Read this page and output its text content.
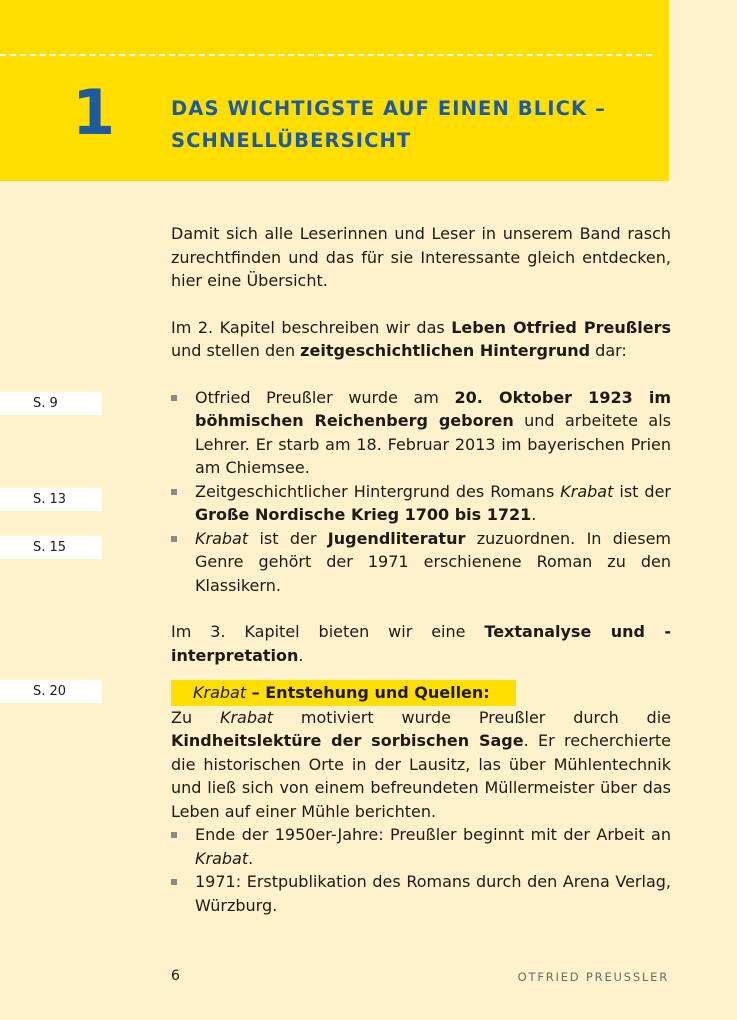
1	DAS WICHTIGSTE AUF EINEN BLICK –
SCHNELLÜBERSICHT
S. 9
S. 13
S. 15
S. 20

Damit sich alle Leserinnen und Leser in unserem Band rasch zurechtfinden und das für sie Interessante gleich entdecken, hier eine Übersicht.

Im 2. Kapitel beschreiben wir das Leben Otfried Preußlers und stellen den zeitgeschichtlichen Hintergrund dar:

Otfried Preußler wurde am 20. Oktober 1923 im böhmischen Reichenberg geboren und arbeitete als Lehrer. Er starb am 18. Februar 2013 im bayerischen Prien am Chiemsee.
Zeitgeschichtlicher Hintergrund des Romans Krabat ist der Große Nordische Krieg 1700 bis 1721.
Krabat ist der Jugendliteratur zuzuordnen. In diesem Genre gehört der 1971 erschienene Roman zu den Klassikern.

Im 3. Kapitel bieten wir eine Textanalyse und -interpretation.

Krabat – Entstehung und Quellen:

Zu Krabat motiviert wurde Preußler durch die Kindheitslektüre der sorbischen Sage. Er recherchierte die historischen Orte in der Lausitz, las über Mühlentechnik und ließ sich von einem befreundeten Müllermeister über das Leben auf einer Mühle berichten.

Ende der 1950er-Jahre: Preußler beginnt mit der Arbeit an Krabat.
1971: Erstpublikation des Romans durch den Arena Verlag, Würzburg.
6	OTFRIED PREUSSLER
